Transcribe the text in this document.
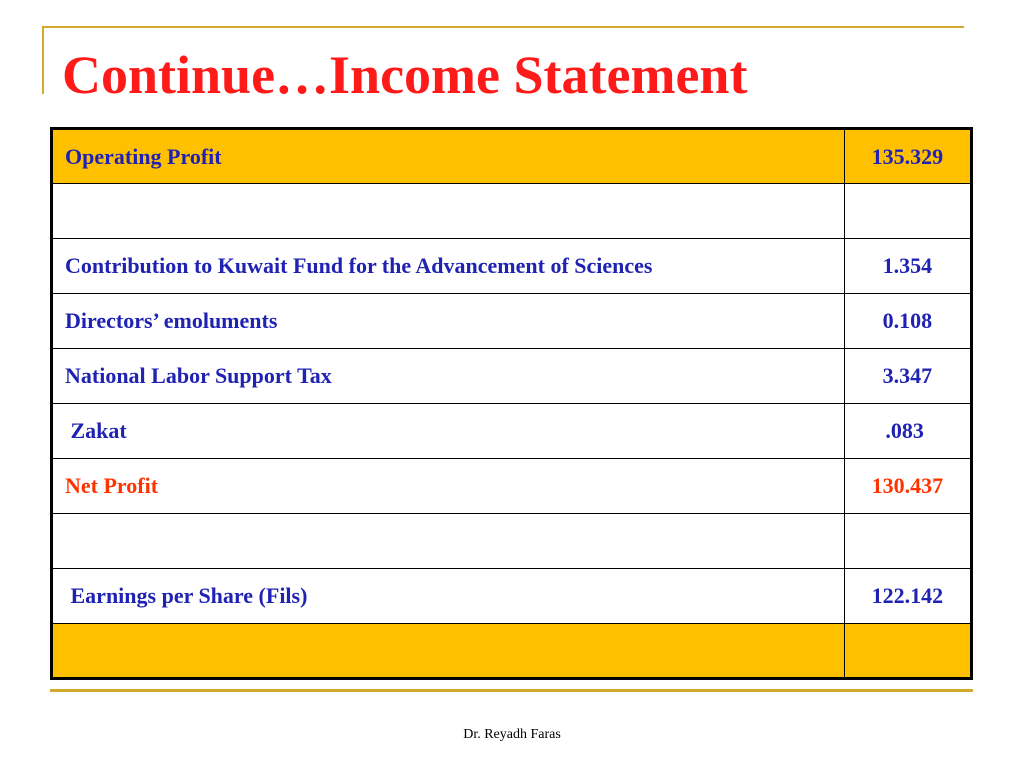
Continue…Income Statement
Operating Profit	135.329

Contribution to Kuwait Fund for the Advancement of Sciences	1.354
Directors’ emoluments	0.108
National Labor Support Tax	3.347
Zakat	.083
Net Profit	130.437

Earnings per Share (Fils)	122.142

Dr. Reyadh Faras
